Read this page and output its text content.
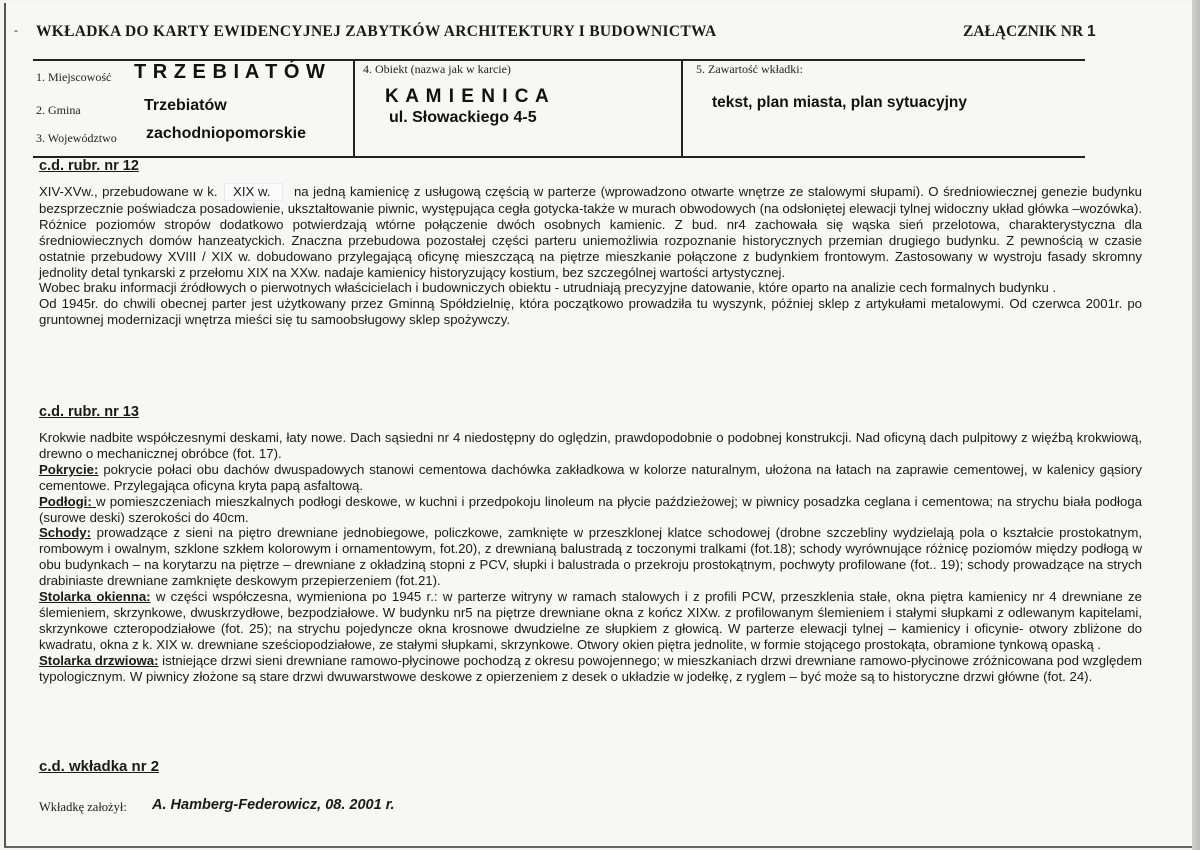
- WKŁADKA DO KARTY EWIDENCYJNEJ ZABYTKÓW ARCHITEKTURY I BUDOWNICTWA	ZAŁĄCZNIK NR 1
1. Miejscowość T R Z E B I A T Ó W
2. Gmina	Trzebiatów
3. Województwo zachodniopomorskie
4. Obiekt (nazwa jak w karcie)
K A M I E N I C A
ul. Słowackiego 4-5
5. Zawartość wkładki:
tekst, plan miasta, plan sytuacyjny
c.d. rubr. nr 12

XIV-XVw., przebudowane w k. XIX w. na jedną kamienicę z usługową częścią w parterze (wprowadzono otwarte wnętrze ze stalowymi słupami). O średniowiecznej genezie budynku bezsprzecznie poświadcza posadowienie, ukształtowanie piwnic, występująca cegła gotycka-także w murach obwodowych (na odsłoniętej elewacji tylnej widoczny układ główka –wozówka). Różnice poziomów stropów dodatkowo potwierdzają wtórne połączenie dwóch osobnych kamienic. Z bud. nr4 zachowała się wąska sień przelotowa, charakterystyczna dla średniowiecznych domów hanzeatyckich. Znaczna przebudowa pozostałej części parteru uniemożliwia rozpoznanie historycznych przemian drugiego budynku. Z pewnością w czasie ostatnie przebudowy XVIII / XIX w. dobudowano przylegającą oficynę mieszczącą na piętrze mieszkanie połączone z budynkiem frontowym. Zastosowany w wystroju fasady skromny jednolity detal tynkarski z przełomu XIX na XXw. nadaje kamienicy historyzujący kostium, bez szczególnej wartości artystycznej.

Wobec braku informacji źródłowych o pierwotnych właścicielach i budowniczych obiektu - utrudniają precyzyjne datowanie, które oparto na analizie cech formalnych budynku .

Od 1945r. do chwili obecnej parter jest użytkowany przez Gminną Spółdzielnię, która początkowo prowadziła tu wyszynk, później sklep z artykułami metalowymi. Od czerwca 2001r. po gruntownej modernizacji wnętrza mieści się tu samoobsługowy sklep spożywczy.

c.d. rubr. nr 13

Krokwie nadbite współczesnymi deskami, łaty nowe. Dach sąsiedni nr 4 niedostępny do oględzin, prawdopodobnie o podobnej konstrukcji. Nad oficyną dach pulpitowy z więźbą krokwiową, drewno o mechanicznej obróbce (fot. 17).

Pokrycie: pokrycie połaci obu dachów dwuspadowych stanowi cementowa dachówka zakładkowa w kolorze naturalnym, ułożona na łatach na zaprawie cementowej, w kalenicy gąsiory cementowe. Przylegająca oficyna kryta papą asfaltową.

Podłogi: w pomieszczeniach mieszkalnych podłogi deskowe, w kuchni i przedpokoju linoleum na płycie paździeżowej; w piwnicy posadzka ceglana i cementowa; na strychu biała podłoga (surowe deski) szerokości do 40cm.

Schody: prowadzące z sieni na piętro drewniane jednobiegowe, policzkowe, zamknięte w przeszklonej klatce schodowej (drobne szczebliny wydzielają pola o kształcie prostokatnym, rombowym i owalnym, szklone szkłem kolorowym i ornamentowym, fot.20), z drewnianą balustradą z toczonymi tralkami (fot.18); schody wyrównujące różnicę poziomów między podłogą w obu budynkach – na korytarzu na piętrze – drewniane z okładziną stopni z PCV, słupki i balustrada o przekroju prostokątnym, pochwyty profilowane (fot.. 19); schody prowadzące na strych drabiniaste drewniane zamknięte deskowym przepierzeniem (fot.21).

Stolarka okienna: w części współczesna, wymieniona po 1945 r.: w parterze witryny w ramach stalowych i z profili PCW, przeszklenia stałe, okna piętra kamienicy nr 4 drewniane ze ślemieniem, skrzynkowe, dwuskrzydłowe, bezpodziałowe. W budynku nr5 na piętrze drewniane okna z kończ XIXw. z profilowanym ślemieniem i stałymi słupkami z odlewanym kapitelami, skrzynkowe czteropodziałowe (fot. 25); na strychu pojedyncze okna krosnowe dwudzielne ze słupkiem z głowicą. W parterze elewacji tylnej – kamienicy i oficynie- otwory zbliżone do kwadratu, okna z k. XIX w. drewniane sześciopodziałowe, ze stałymi słupkami, skrzynkowe. Otwory okien piętra jednolite, w formie stojącego prostokąta, obramione tynkową opaską .

Stolarka drzwiowa: istniejące drzwi sieni drewniane ramowo-płycinowe pochodzą z okresu powojennego; w mieszkaniach drzwi drewniane ramowo-płycinowe zróżnicowana pod względem typologicznym. W piwnicy złożone są stare drzwi dwuwarstwowe deskowe z opierzeniem z desek o układzie w jodełkę, z ryglem – być może są to historyczne drzwi główne (fot. 24).

c.d. wkładka nr 2
Wkładkę założył: A. Hamberg-Federowicz, 08. 2001 r.
